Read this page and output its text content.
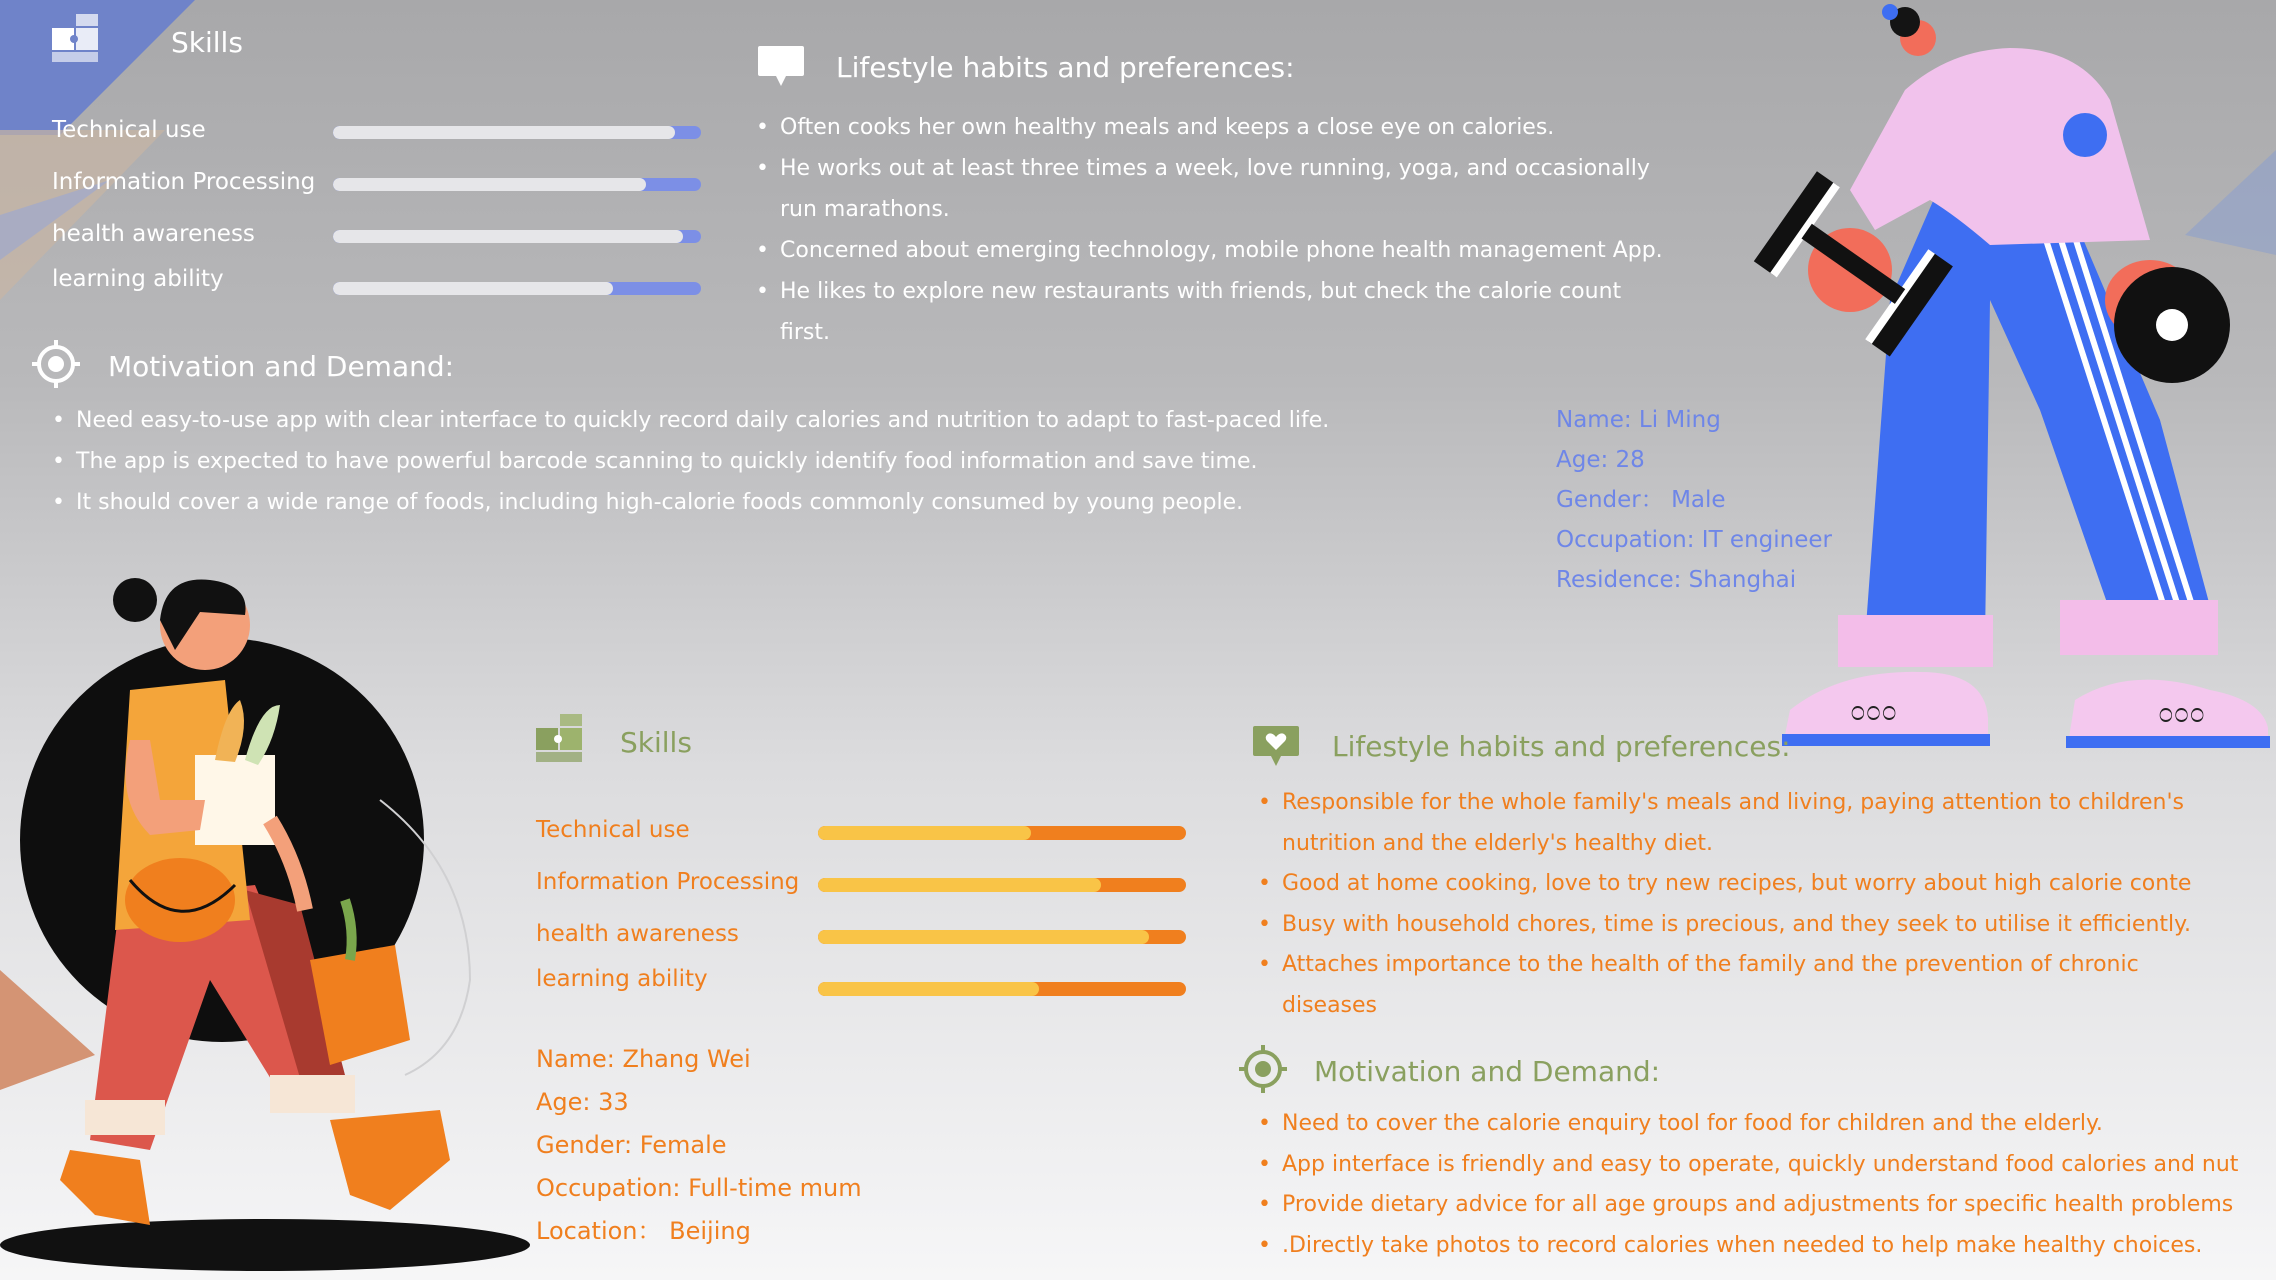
೦೦೦	೦೦೦
Skills
Technical use
Information Processing
health awareness
learning ability
Lifestyle habits and preferences:
• Often cooks her own healthy meals and keeps a close eye on calories.
• He works out at least three times a week, love running, yoga, and occasionally run marathons.
• Concerned about emerging technology, mobile phone health management App.
• He likes to explore new restaurants with friends, but check the calorie count first.
Motivation and Demand:
• Need easy-to-use app with clear interface to quickly record daily calories and nutrition to adapt to fast-paced life.
• The app is expected to have powerful barcode scanning to quickly identify food information and save time.
• It should cover a wide range of foods, including high-calorie foods commonly consumed by young people.
Name: Li Ming
Age: 28
Gender： Male
Occupation: IT engineer
Residence: Shanghai
Skills
Technical use
Information Processing
health awareness
learning ability
Name: Zhang Wei
Age: 33
Gender: Female
Occupation: Full-time mum
Location： Beijing
Lifestyle habits and preferences:
• Responsible for the whole family's meals and living, paying attention to children's
nutrition and the elderly's healthy diet.
• Good at home cooking, love to try new recipes, but worry about high calorie conte
• Busy with household chores, time is precious, and they seek to utilise it efficiently.
• Attaches importance to the health of the family and the prevention of chronic
diseases
Motivation and Demand:
• Need to cover the calorie enquiry tool for food for children and the elderly.
• App interface is friendly and easy to operate, quickly understand food calories and nut
• Provide dietary advice for all age groups and adjustments for specific health problems
• .Directly take photos to record calories when needed to help make healthy choices.
